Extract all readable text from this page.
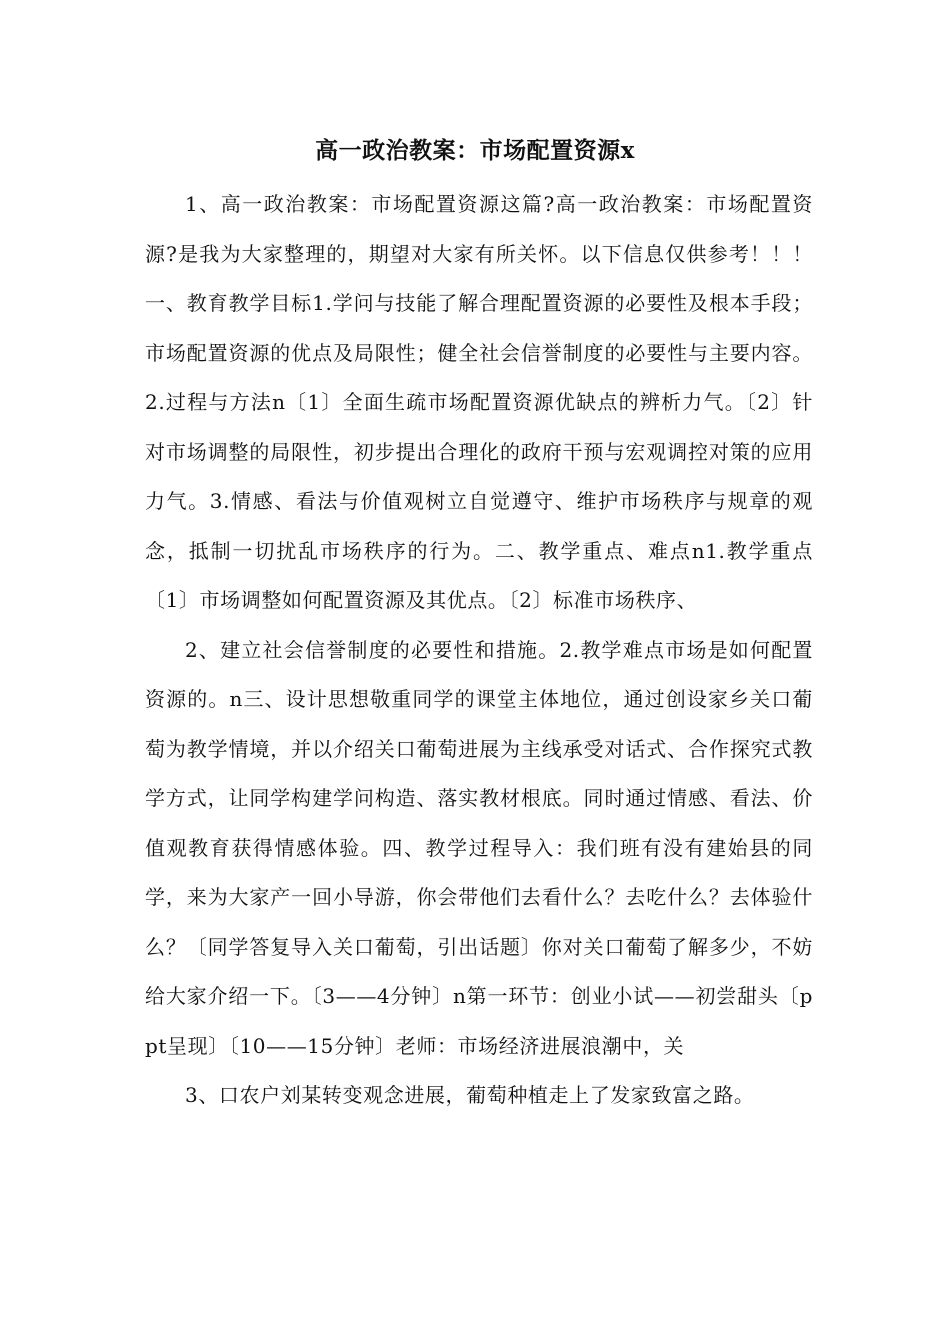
高一政治教案：市场配置资源x

1、高一政治教案：市场配置资源这篇?高一政治教案：市场配置资源?是我为大家整理的，期望对大家有所关怀。以下信息仅供参考！！！一、教育教学目标1.学问与技能了解合理配置资源的必要性及根本手段；市场配置资源的优点及局限性；健全社会信誉制度的必要性与主要内容。2.过程与方法n〔1〕全面生疏市场配置资源优缺点的辨析力气。〔2〕针对市场调整的局限性，初步提出合理化的政府干预与宏观调控对策的应用力气。3.情感、看法与价值观树立自觉遵守、维护市场秩序与规章的观念，抵制一切扰乱市场秩序的行为。二、教学重点、难点n1.教学重点〔1〕市场调整如何配置资源及其优点。〔2〕标准市场秩序、

2、建立社会信誉制度的必要性和措施。2.教学难点市场是如何配置资源的。n三、设计思想敬重同学的课堂主体地位，通过创设家乡关口葡萄为教学情境，并以介绍关口葡萄进展为主线承受对话式、合作探究式教学方式，让同学构建学问构造、落实教材根底。同时通过情感、看法、价值观教育获得情感体验。四、教学过程导入：我们班有没有建始县的同学，来为大家产一回小导游，你会带他们去看什么？去吃什么？去体验什么？〔同学答复导入关口葡萄，引出话题〕你对关口葡萄了解多少，不妨给大家介绍一下。〔3——4分钟〕n第一环节：创业小试——初尝甜头〔ppt呈现〕〔10——15分钟〕老师：市场经济进展浪潮中，关

3、口农户刘某转变观念进展，葡萄种植走上了发家致富之路。
